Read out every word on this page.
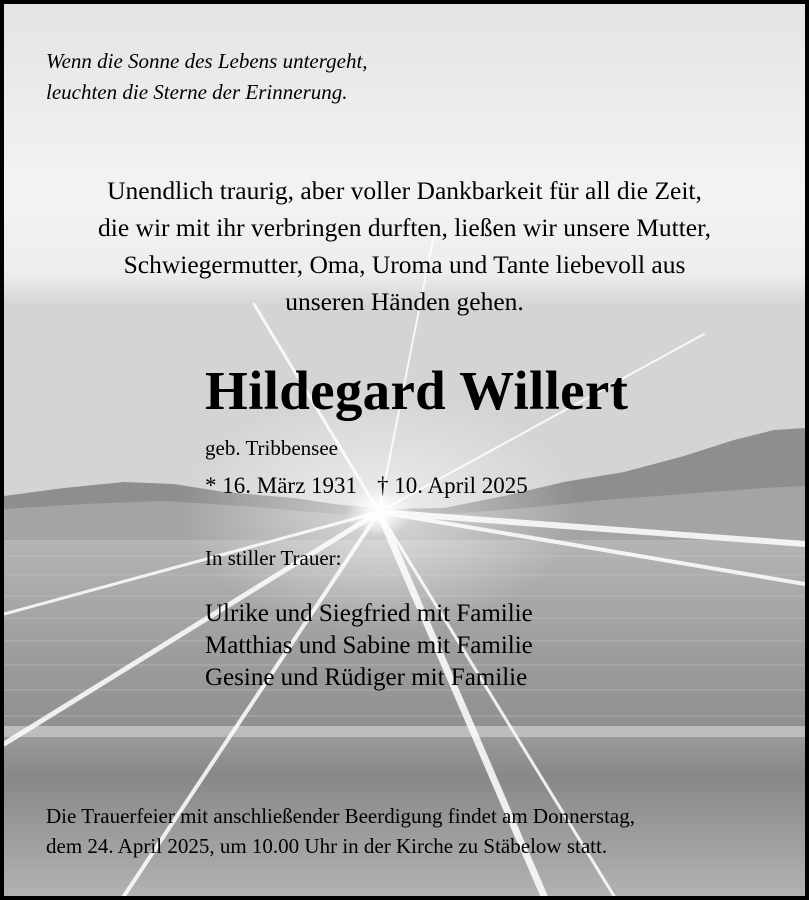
Wenn die Sonne des Lebens untergeht,
leuchten die Sterne der Erinnerung.
Unendlich traurig, aber voller Dankbarkeit für all die Zeit,
die wir mit ihr verbringen durften, ließen wir unsere Mutter,
Schwiegermutter, Oma, Uroma und Tante liebevoll aus
unseren Händen gehen.
Hildegard Willert
geb. Tribbensee
* 16. März 1931 † 10. April 2025
In stiller Trauer:
Ulrike und Siegfried mit Familie
Matthias und Sabine mit Familie
Gesine und Rüdiger mit Familie
Die Trauerfeier mit anschließender Beerdigung findet am Donnerstag,
dem 24. April 2025, um 10.00 Uhr in der Kirche zu Stäbelow statt.
